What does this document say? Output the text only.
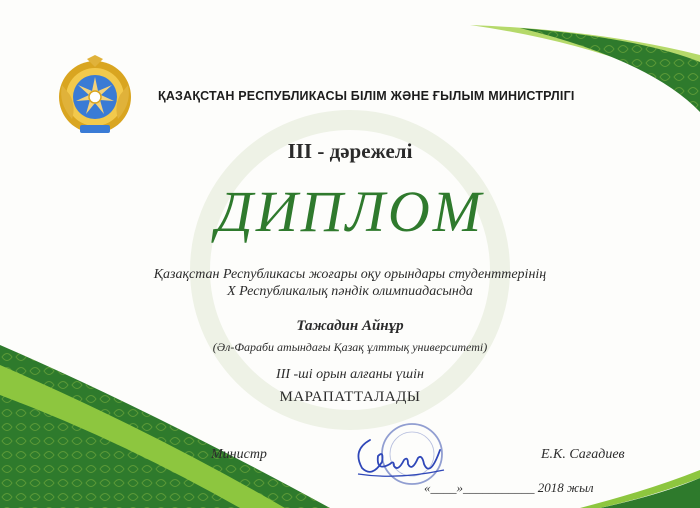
ҚАЗАҚСТАН РЕСПУБЛИКАСЫ БІЛІМ ЖӘНЕ ҒЫЛЫМ МИНИСТРЛІГІ
III - дәрежелі
ДИПЛОМ
Қазақстан Республикасы жоғары оқу орындары студенттерінің
X Республикалық пәндік олимпиадасында
Тажадин Айнұр
(Әл-Фараби атындағы Қазақ ұлттық университеті)
III -ші орын алғаны үшін
МАРАПАТТАЛАДЫ
Министр	Е.К. Сағадиев
«____»___________ 2018 жыл
